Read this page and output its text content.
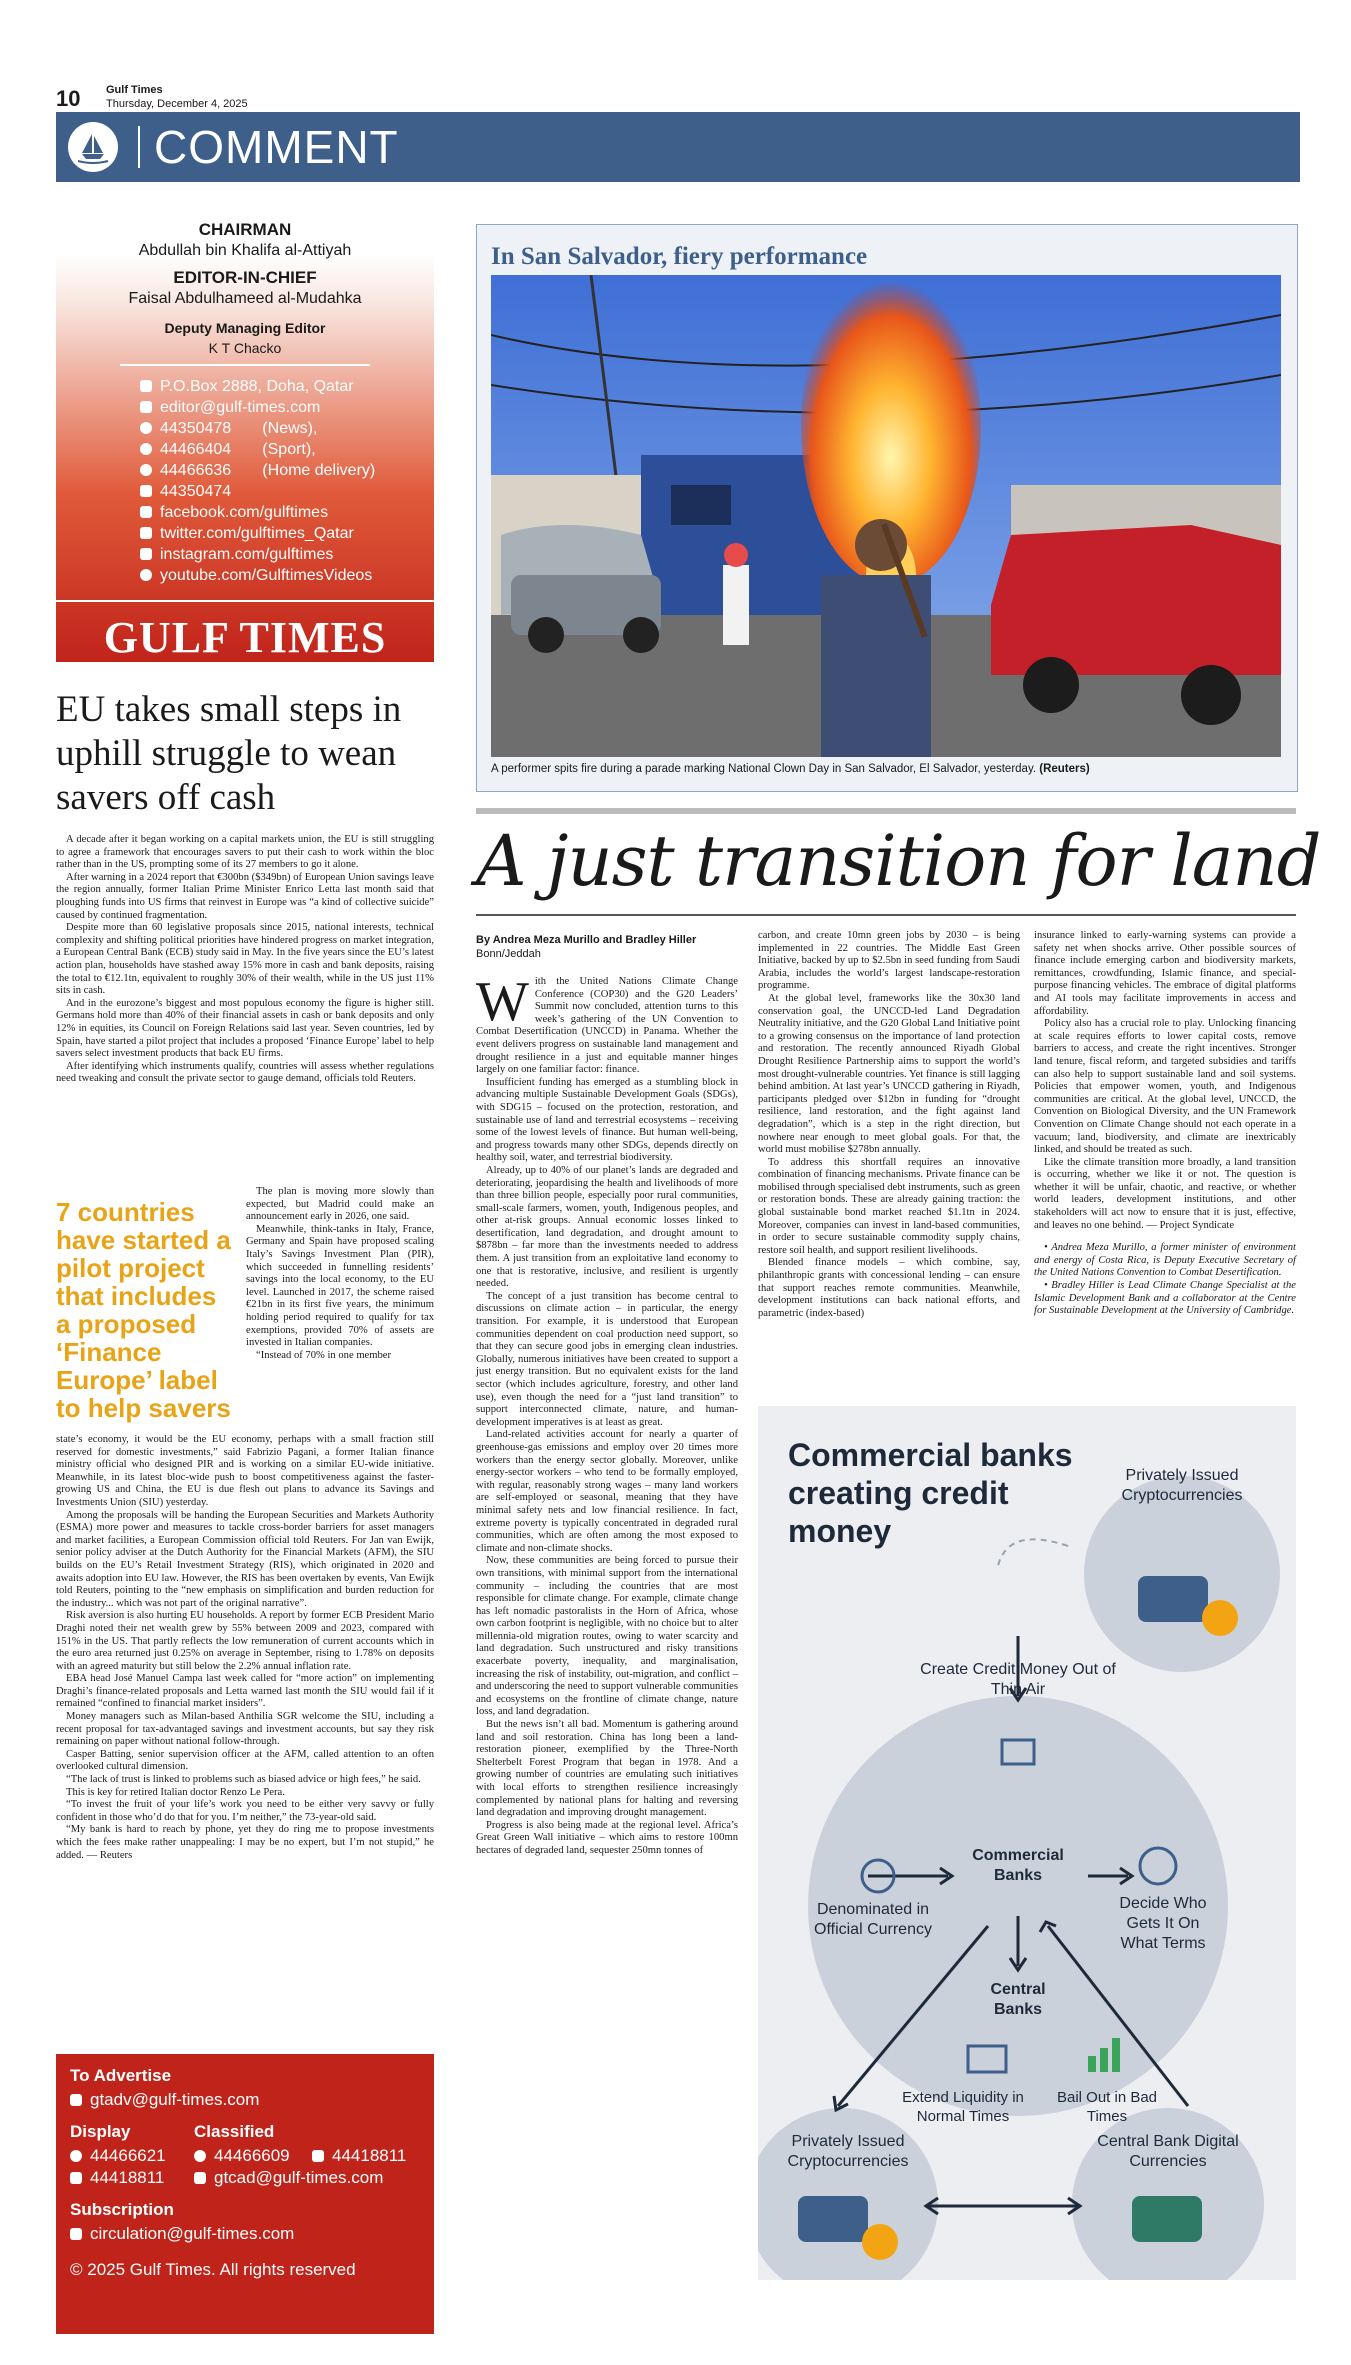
10 Gulf Times
Thursday, December 4, 2025
COMMENT
CHAIRMAN
Abdullah bin Khalifa al-Attiyah
EDITOR-IN-CHIEF
Faisal Abdulhameed al-Mudahka
Deputy Managing Editor
K T Chacko
P.O.Box 2888, Doha, Qatar
editor@gulf-times.com
44350478       (News),
44466404       (Sport),
44466636       (Home delivery)
44350474
facebook.com/gulftimes
twitter.com/gulftimes_Qatar
instagram.com/gulftimes
youtube.com/GulftimesVideos
GULF TIMES
EU takes small steps in uphill struggle to wean savers off cash

A decade after it began working on a capital markets union, the EU is still struggling to agree a framework that encourages savers to put their cash to work within the bloc rather than in the US, prompting some of its 27 members to go it alone.

After warning in a 2024 report that €300bn ($349bn) of European Union savings leave the region annually, former Italian Prime Minister Enrico Letta last month said that ploughing funds into US firms that reinvest in Europe was “a kind of collective suicide” caused by continued fragmentation.

Despite more than 60 legislative proposals since 2015, national interests, technical complexity and shifting political priorities have hindered progress on market integration, a European Central Bank (ECB) study said in May. In the five years since the EU’s latest action plan, households have stashed away 15% more in cash and bank deposits, raising the total to €12.1tn, equivalent to roughly 30% of their wealth, while in the US just 11% sits in cash.

And in the eurozone’s biggest and most populous economy the figure is higher still. Germans hold more than 40% of their financial assets in cash or bank deposits and only 12% in equities, its Council on Foreign Relations said last year. Seven countries, led by Spain, have started a pilot project that includes a proposed ‘Finance Europe’ label to help savers select investment products that back EU firms.

After identifying which instruments qualify, countries will assess whether regulations need tweaking and consult the private sector to gauge demand, officials told Reuters.

7 countries have started a pilot project that includes a proposed ‘Finance Europe’ label to help savers

The plan is moving more slowly than expected, but Madrid could make an announcement early in 2026, one said.

Meanwhile, think-tanks in Italy, France, Germany and Spain have proposed scaling Italy’s Savings Investment Plan (PIR), which succeeded in funnelling residents’ savings into the local economy, to the EU level. Launched in 2017, the scheme raised €21bn in its first five years, the minimum holding period required to qualify for tax exemptions, provided 70% of assets are invested in Italian companies.

“Instead of 70% in one member

state’s economy, it would be the EU economy, perhaps with a small fraction still reserved for domestic investments,” said Fabrizio Pagani, a former Italian finance ministry official who designed PIR and is working on a similar EU-wide initiative. Meanwhile, in its latest bloc-wide push to boost competitiveness against the faster-growing US and China, the EU is due flesh out plans to advance its Savings and Investments Union (SIU) yesterday.

Among the proposals will be handing the European Securities and Markets Authority (ESMA) more power and measures to tackle cross-border barriers for asset managers and market facilities, a European Commission official told Reuters. For Jan van Ewijk, senior policy adviser at the Dutch Authority for the Financial Markets (AFM), the SIU builds on the EU’s Retail Investment Strategy (RIS), which originated in 2020 and awaits adoption into EU law. However, the RIS has been overtaken by events, Van Ewijk told Reuters, pointing to the “new emphasis on simplification and burden reduction for the industry... which was not part of the original narrative”.

Risk aversion is also hurting EU households. A report by former ECB President Mario Draghi noted their net wealth grew by 55% between 2009 and 2023, compared with 151% in the US. That partly reflects the low remuneration of current accounts which in the euro area returned just 0.25% on average in September, rising to 1.78% on deposits with an agreed maturity but still below the 2.2% annual inflation rate.

EBA head José Manuel Campa last week called for “more action” on implementing Draghi’s finance-related proposals and Letta warned last month the SIU would fail if it remained “confined to financial market insiders”.

Money managers such as Milan-based Anthilia SGR welcome the SIU, including a recent proposal for tax-advantaged savings and investment accounts, but say they risk remaining on paper without national follow-through.

Casper Batting, senior supervision officer at the AFM, called attention to an often overlooked cultural dimension.

“The lack of trust is linked to problems such as biased advice or high fees,” he said.

This is key for retired Italian doctor Renzo Le Pera.

“To invest the fruit of your life’s work you need to be either very savvy or fully confident in those who’d do that for you. I’m neither,” the 73-year-old said.

“My bank is hard to reach by phone, yet they do ring me to propose investments which the fees make rather unappealing: I may be no expert, but I’m not stupid,” he added. — Reuters

To Advertise
gtadv@gulf-times.com
Display
44466621
44418811
Classified
44466609	44418811
gtcad@gulf-times.com
Subscription
circulation@gulf-times.com
© 2025 Gulf Times. All rights reserved
In San Salvador, fiery performance
A performer spits fire during a parade marking National Clown Day in San Salvador, El Salvador, yesterday. (Reuters)
A just transition for land
By Andrea Meza Murillo and Bradley Hiller
Bonn/Jeddah

With the United Nations Climate Change Conference (COP30) and the G20 Leaders’ Summit now concluded, attention turns to this week’s gathering of the UN Convention to Combat Desertification (UNCCD) in Panama. Whether the event delivers progress on sustainable land management and drought resilience in a just and equitable manner hinges largely on one familiar factor: finance.

Insufficient funding has emerged as a stumbling block in advancing multiple Sustainable Development Goals (SDGs), with SDG15 – focused on the protection, restoration, and sustainable use of land and terrestrial ecosystems – receiving some of the lowest levels of finance. But human well-being, and progress towards many other SDGs, depends directly on healthy soil, water, and terrestrial biodiversity.

Already, up to 40% of our planet’s lands are degraded and deteriorating, jeopardising the health and livelihoods of more than three billion people, especially poor rural communities, small-scale farmers, women, youth, Indigenous peoples, and other at-risk groups. Annual economic losses linked to desertification, land degradation, and drought amount to $878bn – far more than the investments needed to address them. A just transition from an exploitative land economy to one that is restorative, inclusive, and resilient is urgently needed.

The concept of a just transition has become central to discussions on climate action – in particular, the energy transition. For example, it is understood that European communities dependent on coal production need support, so that they can secure good jobs in emerging clean industries. Globally, numerous initiatives have been created to support a just energy transition. But no equivalent exists for the land sector (which includes agriculture, forestry, and other land use), even though the need for a “just land transition” to support interconnected climate, nature, and human-development imperatives is at least as great.

Land-related activities account for nearly a quarter of greenhouse-gas emissions and employ over 20 times more workers than the energy sector globally. Moreover, unlike energy-sector workers – who tend to be formally employed, with regular, reasonably strong wages – many land workers are self-employed or seasonal, meaning that they have minimal safety nets and low financial resilience. In fact, extreme poverty is typically concentrated in degraded rural communities, which are often among the most exposed to climate and non-climate shocks.

Now, these communities are being forced to pursue their own transitions, with minimal support from the international community – including the countries that are most responsible for climate change. For example, climate change has left nomadic pastoralists in the Horn of Africa, whose own carbon footprint is negligible, with no choice but to alter millennia-old migration routes, owing to water scarcity and land degradation. Such unstructured and risky transitions exacerbate poverty, inequality, and marginalisation, increasing the risk of instability, out-migration, and conflict – and underscoring the need to support vulnerable communities and ecosystems on the frontline of climate change, nature loss, and land degradation.

But the news isn’t all bad. Momentum is gathering around land and soil restoration. China has long been a land-restoration pioneer, exemplified by the Three-North Shelterbelt Forest Program that began in 1978. And a growing number of countries are emulating such initiatives with local efforts to strengthen resilience increasingly complemented by national plans for halting and reversing land degradation and improving drought management.

Progress is also being made at the regional level. Africa’s Great Green Wall initiative – which aims to restore 100mn hectares of degraded land, sequester 250mn tonnes of

carbon, and create 10mn green jobs by 2030 – is being implemented in 22 countries. The Middle East Green Initiative, backed by up to $2.5bn in seed funding from Saudi Arabia, includes the world’s largest landscape-restoration programme.

At the global level, frameworks like the 30x30 land conservation goal, the UNCCD-led Land Degradation Neutrality initiative, and the G20 Global Land Initiative point to a growing consensus on the importance of land protection and restoration. The recently announced Riyadh Global Drought Resilience Partnership aims to support the world’s most drought-vulnerable countries. Yet finance is still lagging behind ambition. At last year’s UNCCD gathering in Riyadh, participants pledged over $12bn in funding for “drought resilience, land restoration, and the fight against land degradation”, which is a step in the right direction, but nowhere near enough to meet global goals. For that, the world must mobilise $278bn annually.

To address this shortfall requires an innovative combination of financing mechanisms. Private finance can be mobilised through specialised debt instruments, such as green or restoration bonds. These are already gaining traction: the global sustainable bond market reached $1.1tn in 2024. Moreover, companies can invest in land-based communities, in order to secure sustainable commodity supply chains, restore soil health, and support resilient livelihoods.

Blended finance models – which combine, say, philanthropic grants with concessional lending – can ensure that support reaches remote communities. Meanwhile, development institutions can back national efforts, and parametric (index-based)

insurance linked to early-warning systems can provide a safety net when shocks arrive. Other possible sources of finance include emerging carbon and biodiversity markets, remittances, crowdfunding, Islamic finance, and special-purpose financing vehicles. The embrace of digital platforms and AI tools may facilitate improvements in access and affordability.

Policy also has a crucial role to play. Unlocking financing at scale requires efforts to lower capital costs, remove barriers to access, and create the right incentives. Stronger land tenure, fiscal reform, and targeted subsidies and tariffs can also help to support sustainable land and soil systems. Policies that empower women, youth, and Indigenous communities are critical. At the global level, UNCCD, the Convention on Biological Diversity, and the UN Framework Convention on Climate Change should not each operate in a vacuum; land, biodiversity, and climate are inextricably linked, and should be treated as such.

Like the climate transition more broadly, a land transition is occurring, whether we like it or not. The question is whether it will be unfair, chaotic, and reactive, or whether world leaders, development institutions, and other stakeholders will act now to ensure that it is just, effective, and leaves no one behind. — Project Syndicate

• Andrea Meza Murillo, a former minister of environment and energy of Costa Rica, is Deputy Executive Secretary of the United Nations Convention to Combat Desertification.

• Bradley Hiller is Lead Climate Change Specialist at the Islamic Development Bank and a collaborator at the Centre for Sustainable Development at the University of Cambridge.

Commercial banks creating credit money
Privately Issued Cryptocurrencies
Create Credit Money Out of Thin Air
Commercial Banks
Denominated in Official Currency
Decide Who Gets It On What Terms
Central Banks
Extend Liquidity in Normal Times
Bail Out in Bad Times
Privately Issued Cryptocurrencies
Central Bank Digital Currencies
